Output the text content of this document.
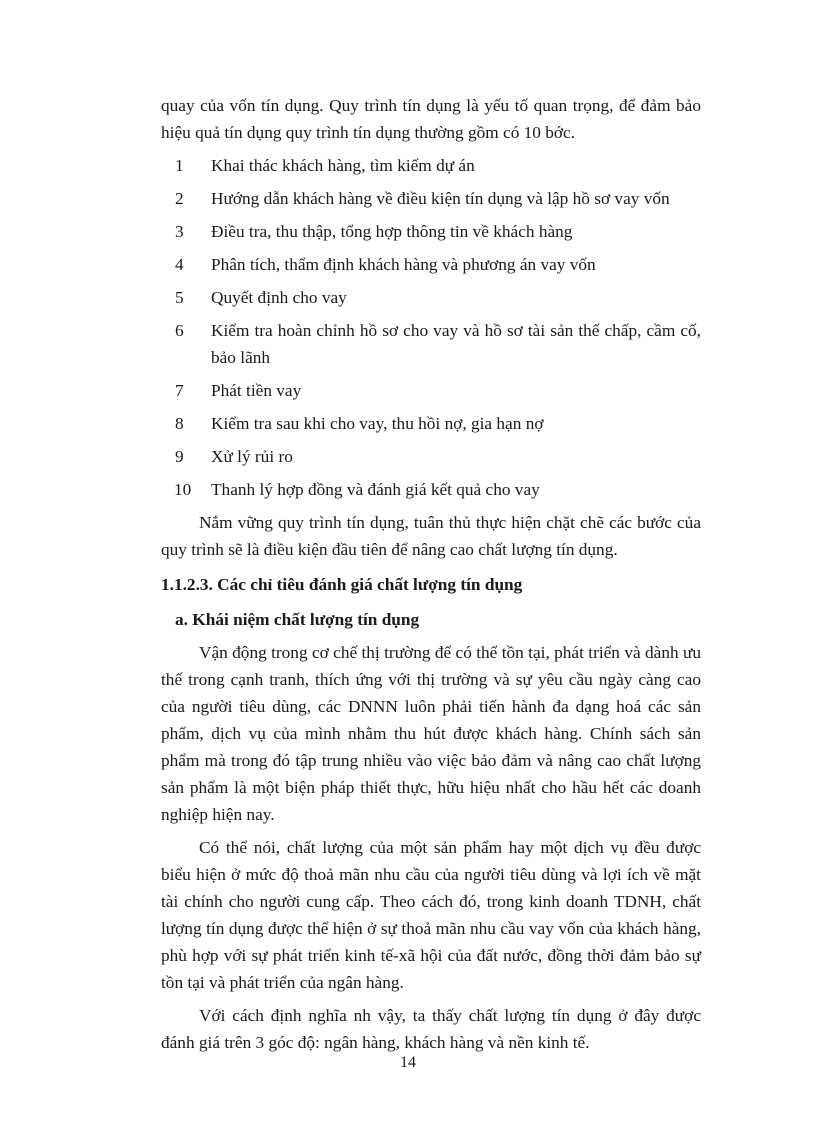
quay của vốn tín dụng. Quy trình tín dụng là yếu tố quan trọng, để đảm bảo hiệu quả tín dụng quy trình tín dụng thường gồm có 10 bớc.

1	Khai thác khách hàng, tìm kiếm dự án
2	Hướng dẫn khách hàng về điều kiện tín dụng và lập hồ sơ vay vốn
3	Điều tra, thu thập, tổng hợp thông tin về khách hàng
4	Phân tích, thẩm định khách hàng và phương án vay vốn
5	Quyết định cho vay
6	Kiểm tra hoàn chỉnh hồ sơ cho vay và hồ sơ tài sản thế chấp, cầm cố, bảo lãnh
7	Phát tiền vay
8	Kiểm tra sau khi cho vay, thu hồi nợ, gia hạn nợ
9	Xử lý rủi ro
10	Thanh lý hợp đồng và đánh giá kết quả cho vay

Nắm vững quy trình tín dụng, tuân thủ thực hiện chặt chẽ các bước của quy trình sẽ là điều kiện đầu tiên để nâng cao chất lượng tín dụng.

1.1.2.3. Các chỉ tiêu đánh giá chất lượng tín dụng

a. Khái niệm chất lượng tín dụng

Vận động trong cơ chế thị trường để có thể tồn tại, phát triển và dành ưu thế trong cạnh tranh, thích ứng với thị trường và sự yêu cầu ngày càng cao của người tiêu dùng, các DNNN luôn phải tiến hành đa dạng hoá các sản phẩm, dịch vụ của mình nhằm thu hút được khách hàng. Chính sách sản phẩm mà trong đó tập trung nhiều vào việc bảo đảm và nâng cao chất lượng sản phẩm là một biện pháp thiết thực, hữu hiệu nhất cho hầu hết các doanh nghiệp hiện nay.

Có thể nói, chất lượng của một sản phẩm hay một dịch vụ đều được biểu hiện ở mức độ thoả mãn nhu cầu của người tiêu dùng và lợi ích về mặt tài chính cho người cung cấp. Theo cách đó, trong kinh doanh TDNH, chất lượng tín dụng được thể hiện ở sự thoả mãn nhu cầu vay vốn của khách hàng, phù hợp với sự phát triển kinh tế-xã hội của đất nước, đồng thời đảm bảo sự tồn tại và phát triển của ngân hàng.

Với cách định nghĩa nh vậy, ta thấy chất lượng tín dụng ở đây được đánh giá trên 3 góc độ: ngân hàng, khách hàng và nền kinh tế.

14
